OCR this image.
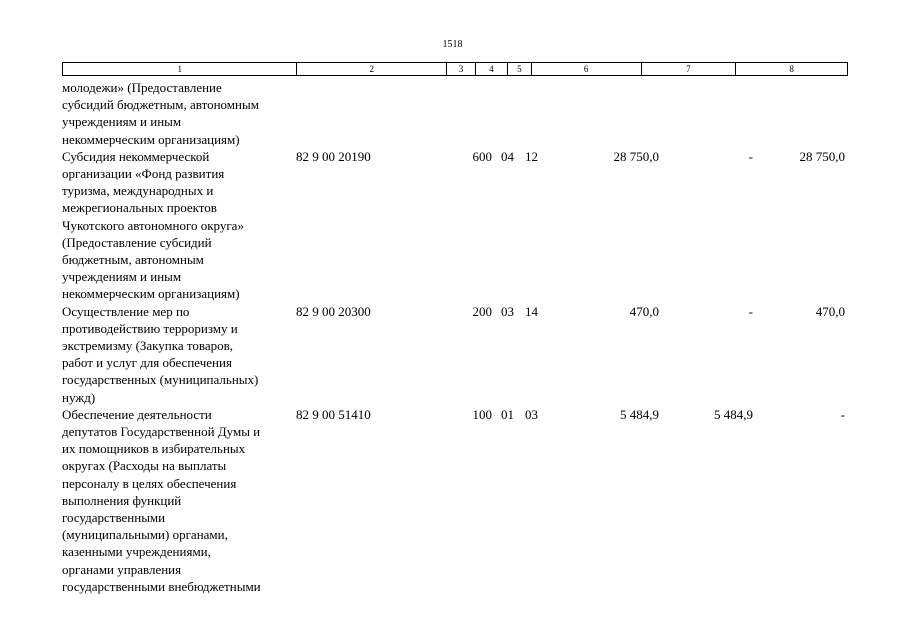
1518
1	2	3	4	5	6	7	8
молодежи» (Предоставление
субсидий бюджетным, автономным
учреждениям и иным
некоммерческим организациям)
Субсидия некоммерческой
организации «Фонд развития
туризма, международных и
межрегиональных проектов
Чукотского автономного округа»
(Предоставление субсидий
бюджетным, автономным
учреждениям и иным
некоммерческим организациям)
82 9 00 20190	600 04 12	28 750,0	-	28 750,0
Осуществление мер по
противодействию терроризму и
экстремизму (Закупка товаров,
работ и услуг для обеспечения
государственных (муниципальных)
нужд)
82 9 00 20300	200 03 14	470,0	-	470,0
Обеспечение деятельности
депутатов Государственной Думы и
их помощников в избирательных
округах (Расходы на выплаты
персоналу в целях обеспечения
выполнения функций
государственными
(муниципальными) органами,
казенными учреждениями,
органами управления
государственными внебюджетными
82 9 00 51410	100 01 03	5 484,9	5 484,9	-
